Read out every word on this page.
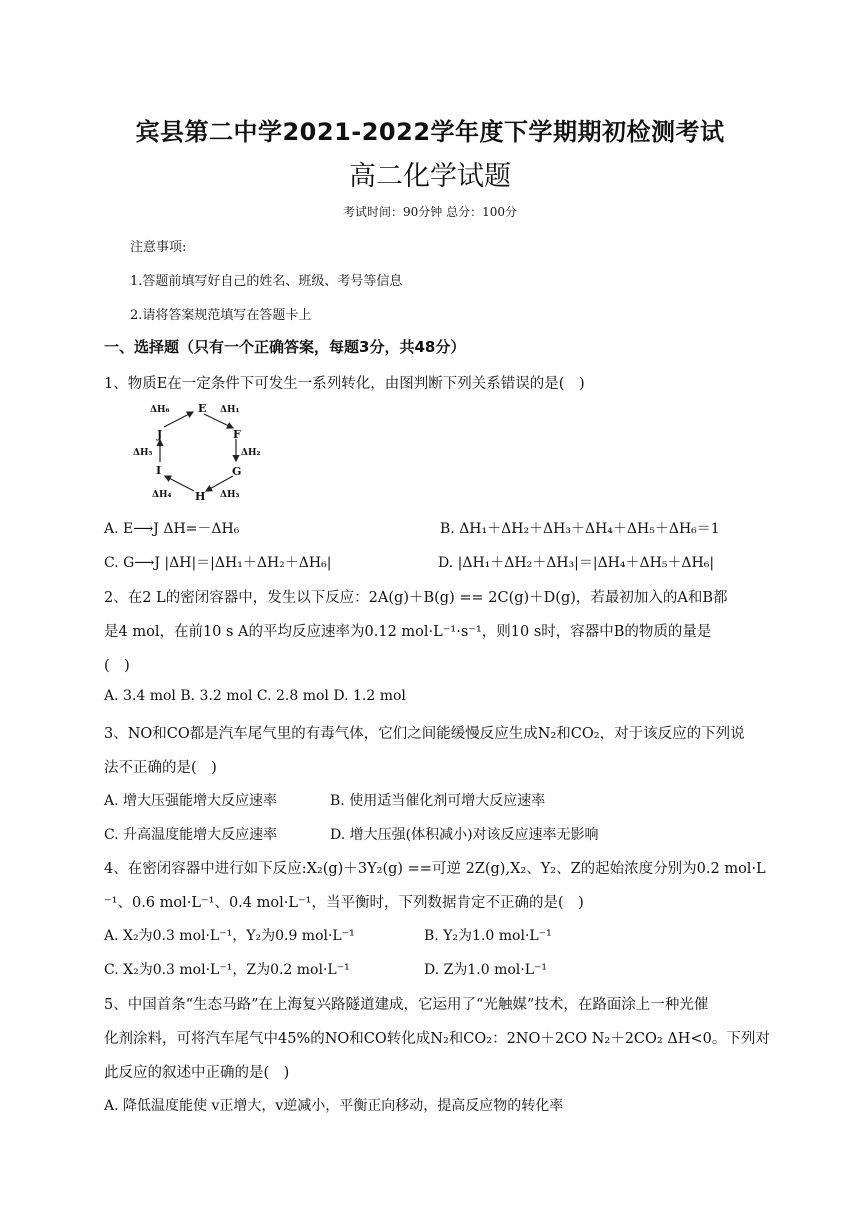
宾县第二中学2021-2022学年度下学期期初检测考试
高二化学试题
考试时间：90分钟 总分：100分
注意事项:
1.答题前填写好自己的姓名、班级、考号等信息
2.请将答案规范填写在答题卡上
一、选择题（只有一个正确答案，每题3分，共48分）
1、物质E在一定条件下可发生一系列转化，由图判断下列关系错误的是(　)
E
F
G
H
I
J
ΔH₆	ΔH₁
ΔH₂
ΔH₃
ΔH₄
ΔH₅
A. E⟶J ΔH=－ΔH₆	B. ΔH₁＋ΔH₂＋ΔH₃＋ΔH₄＋ΔH₅＋ΔH₆＝1
C. G⟶J |ΔH|＝|ΔH₁＋ΔH₂＋ΔH₆|	D. |ΔH₁＋ΔH₂＋ΔH₃|＝|ΔH₄＋ΔH₅＋ΔH₆|
2、在2 L的密闭容器中，发生以下反应：2A(g)＋B(g) == 2C(g)＋D(g)，若最初加入的A和B都
是4 mol，在前10 s A的平均反应速率为0.12 mol·L⁻¹·s⁻¹，则10 s时，容器中B的物质的量是
(　)
A. 3.4 mol B. 3.2 mol C. 2.8 mol D. 1.2 mol
3、NO和CO都是汽车尾气里的有毒气体，它们之间能缓慢反应生成N₂和CO₂，对于该反应的下列说
法不正确的是(　)
A. 增大压强能增大反应速率	B. 使用适当催化剂可增大反应速率
C. 升高温度能增大反应速率	D. 增大压强(体积减小)对该反应速率无影响
4、在密闭容器中进行如下反应:X₂(g)＋3Y₂(g) ==可逆 2Z(g),X₂、Y₂、Z的起始浓度分别为0.2 mol·L
⁻¹、0.6 mol·L⁻¹、0.4 mol·L⁻¹，当平衡时，下列数据肯定不正确的是(　)
A. X₂为0.3 mol·L⁻¹，Y₂为0.9 mol·L⁻¹	B. Y₂为1.0 mol·L⁻¹
C. X₂为0.3 mol·L⁻¹，Z为0.2 mol·L⁻¹	D. Z为1.0 mol·L⁻¹
5、中国首条“生态马路”在上海复兴路隧道建成，它运用了“光触媒”技术，在路面涂上一种光催
化剂涂料，可将汽车尾气中45%的NO和CO转化成N₂和CO₂：2NO＋2CO N₂＋2CO₂ ΔH<0。下列对
此反应的叙述中正确的是(　)
A. 降低温度能使 v正增大，v逆减小，平衡正向移动，提高反应物的转化率
